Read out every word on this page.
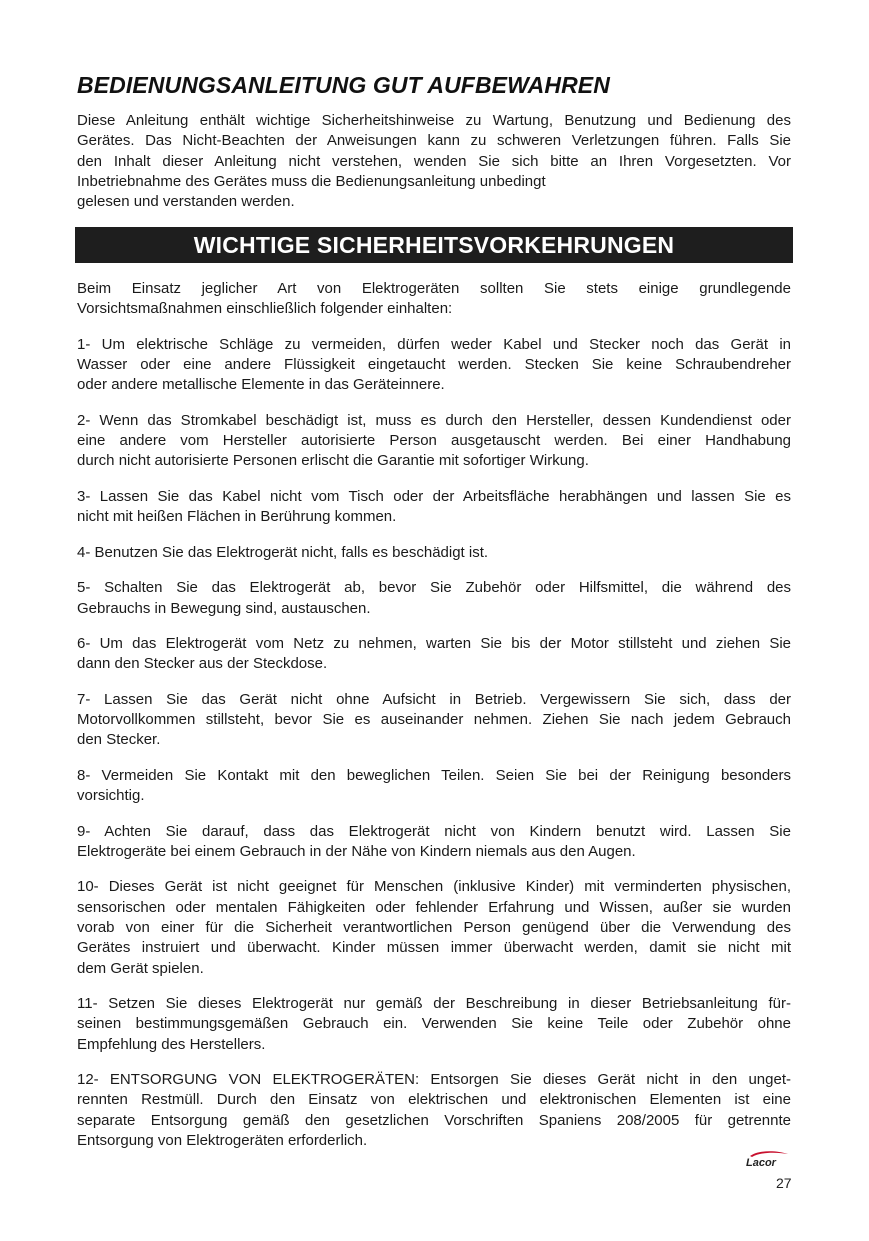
BEDIENUNGSANLEITUNG GUT AUFBEWAHREN

Diese Anleitung enthält wichtige Sicherheitshinweise zu Wartung, Benutzung und Bedienung des
Gerätes. Das Nicht-Beachten der Anweisungen kann zu schweren Verletzungen führen. Falls Sie
den Inhalt dieser Anleitung nicht verstehen, wenden Sie sich bitte an Ihren Vorgesetzten. Vor
Inbetriebnahme des Gerätes muss die Bedienungsanleitung unbedingt
gelesen und verstanden werden.

WICHTIGE SICHERHEITSVORKEHRUNGEN

Beim Einsatz jeglicher Art von Elektrogeräten sollten Sie stets einige grundlegende
Vorsichtsmaßnahmen einschließlich folgender einhalten:

1- Um elektrische Schläge zu vermeiden, dürfen weder Kabel und Stecker noch das Gerät in
Wasser oder eine andere Flüssigkeit eingetaucht werden. Stecken Sie keine Schraubendreher
oder andere metallische Elemente in das Geräteinnere.

2- Wenn das Stromkabel beschädigt ist, muss es durch den Hersteller, dessen Kundendienst oder
eine andere vom Hersteller autorisierte Person ausgetauscht werden. Bei einer Handhabung
durch nicht autorisierte Personen erlischt die Garantie mit sofortiger Wirkung.

3- Lassen Sie das Kabel nicht vom Tisch oder der Arbeitsfläche herabhängen und lassen Sie es
nicht mit heißen Flächen in Berührung kommen.

4- Benutzen Sie das Elektrogerät nicht, falls es beschädigt ist.

5- Schalten Sie das Elektrogerät ab, bevor Sie Zubehör oder Hilfsmittel, die während des
Gebrauchs in Bewegung sind, austauschen.

6- Um das Elektrogerät vom Netz zu nehmen, warten Sie bis der Motor stillsteht und ziehen Sie
dann den Stecker aus der Steckdose.

7- Lassen Sie das Gerät nicht ohne Aufsicht in Betrieb. Vergewissern Sie sich, dass der
Motorvollkommen stillsteht, bevor Sie es auseinander nehmen. Ziehen Sie nach jedem Gebrauch
den Stecker.

8- Vermeiden Sie Kontakt mit den beweglichen Teilen. Seien Sie bei der Reinigung besonders
vorsichtig.

9- Achten Sie darauf, dass das Elektrogerät nicht von Kindern benutzt wird. Lassen Sie
Elektrogeräte bei einem Gebrauch in der Nähe von Kindern niemals aus den Augen.

10- Dieses Gerät ist nicht geeignet für Menschen (inklusive Kinder) mit verminderten physischen,
sensorischen oder mentalen Fähigkeiten oder fehlender Erfahrung und Wissen, außer sie wurden
vorab von einer für die Sicherheit verantwortlichen Person genügend über die Verwendung des
Gerätes instruiert und überwacht. Kinder müssen immer überwacht werden, damit sie nicht mit
dem Gerät spielen.

11- Setzen Sie dieses Elektrogerät nur gemäß der Beschreibung in dieser Betriebsanleitung für-
seinen bestimmungsgemäßen Gebrauch ein. Verwenden Sie keine Teile oder Zubehör ohne
Empfehlung des Herstellers.

12- ENTSORGUNG VON ELEKTROGERÄTEN: Entsorgen Sie dieses Gerät nicht in den unget-
rennten Restmüll. Durch den Einsatz von elektrischen und elektronischen Elementen ist eine
separate Entsorgung gemäß den gesetzlichen Vorschriften Spaniens 208/2005 für getrennte
Entsorgung von Elektrogeräten erforderlich.

Lacor
27
